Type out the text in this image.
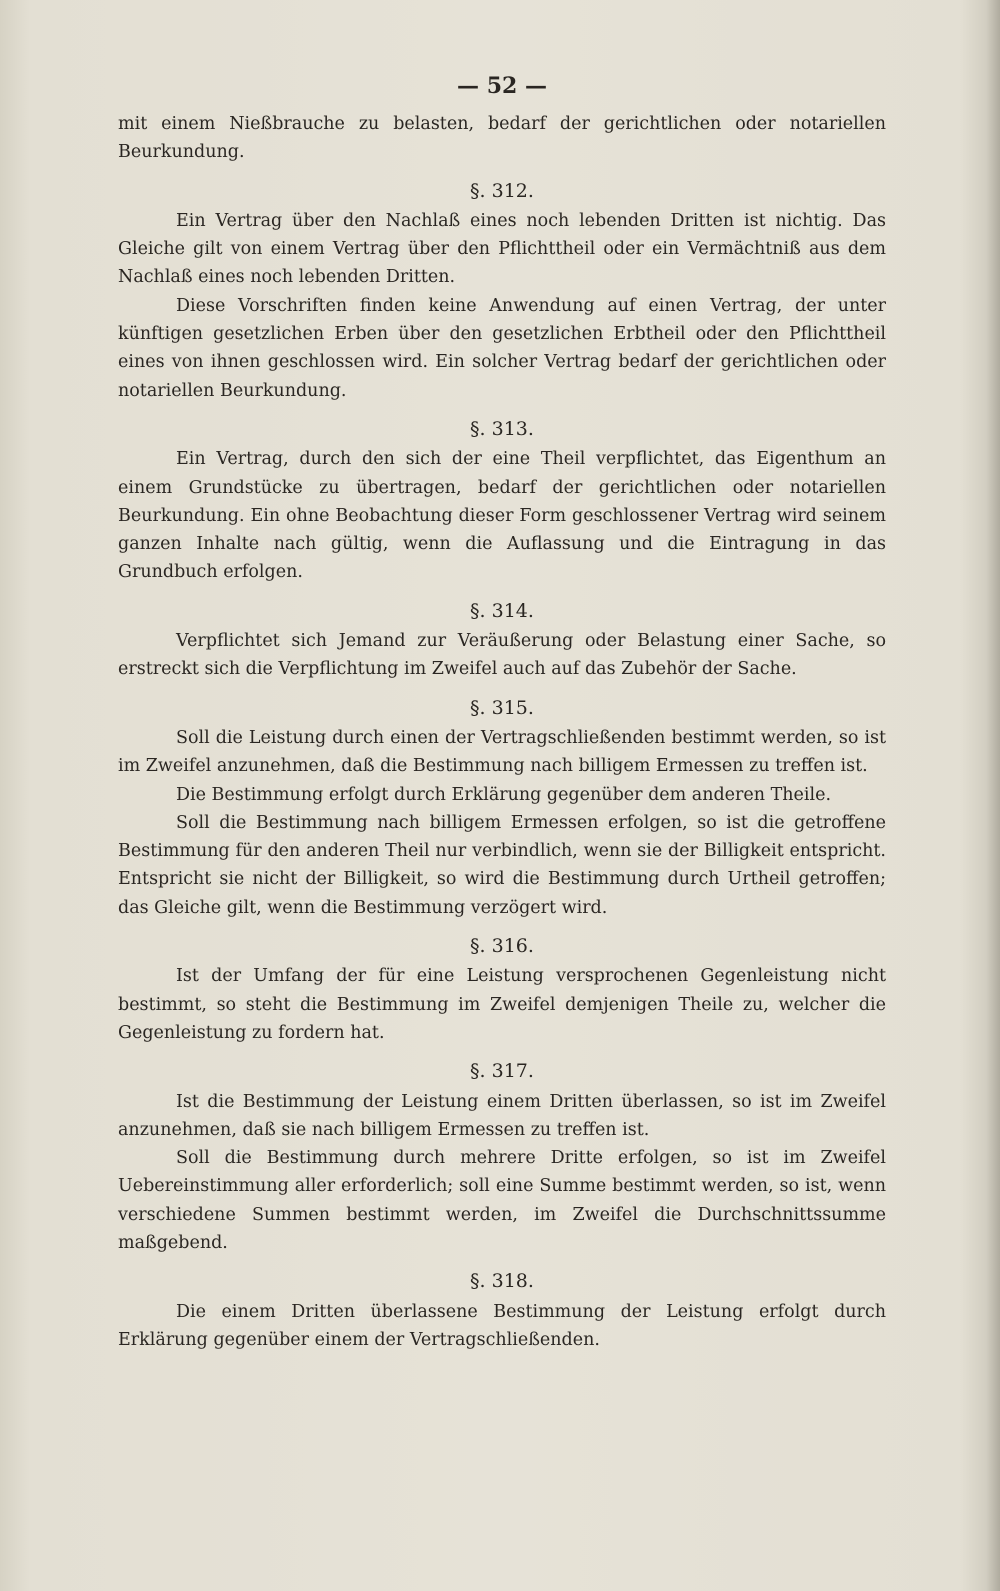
— 52 —

mit einem Nießbrauche zu belasten, bedarf der gerichtlichen oder notariellen Beurkundung.

§. 312.

Ein Vertrag über den Nachlaß eines noch lebenden Dritten ist nichtig. Das Gleiche gilt von einem Vertrag über den Pflichttheil oder ein Vermächtniß aus dem Nachlaß eines noch lebenden Dritten.

Diese Vorschriften finden keine Anwendung auf einen Vertrag, der unter künftigen gesetzlichen Erben über den gesetzlichen Erbtheil oder den Pflichttheil eines von ihnen geschlossen wird. Ein solcher Vertrag bedarf der gerichtlichen oder notariellen Beurkundung.

§. 313.

Ein Vertrag, durch den sich der eine Theil verpflichtet, das Eigenthum an einem Grundstücke zu übertragen, bedarf der gerichtlichen oder notariellen Beurkundung. Ein ohne Beobachtung dieser Form geschlossener Vertrag wird seinem ganzen Inhalte nach gültig, wenn die Auflassung und die Eintragung in das Grundbuch erfolgen.

§. 314.

Verpflichtet sich Jemand zur Veräußerung oder Belastung einer Sache, so erstreckt sich die Verpflichtung im Zweifel auch auf das Zubehör der Sache.

§. 315.

Soll die Leistung durch einen der Vertragschließenden bestimmt werden, so ist im Zweifel anzunehmen, daß die Bestimmung nach billigem Ermessen zu treffen ist.

Die Bestimmung erfolgt durch Erklärung gegenüber dem anderen Theile.

Soll die Bestimmung nach billigem Ermessen erfolgen, so ist die getroffene Bestimmung für den anderen Theil nur verbindlich, wenn sie der Billigkeit entspricht. Entspricht sie nicht der Billigkeit, so wird die Bestimmung durch Urtheil getroffen; das Gleiche gilt, wenn die Bestimmung verzögert wird.

§. 316.

Ist der Umfang der für eine Leistung versprochenen Gegenleistung nicht bestimmt, so steht die Bestimmung im Zweifel demjenigen Theile zu, welcher die Gegenleistung zu fordern hat.

§. 317.

Ist die Bestimmung der Leistung einem Dritten überlassen, so ist im Zweifel anzunehmen, daß sie nach billigem Ermessen zu treffen ist.

Soll die Bestimmung durch mehrere Dritte erfolgen, so ist im Zweifel Uebereinstimmung aller erforderlich; soll eine Summe bestimmt werden, so ist, wenn verschiedene Summen bestimmt werden, im Zweifel die Durchschnittssumme maßgebend.

§. 318.

Die einem Dritten überlassene Bestimmung der Leistung erfolgt durch Erklärung gegenüber einem der Vertragschließenden.
